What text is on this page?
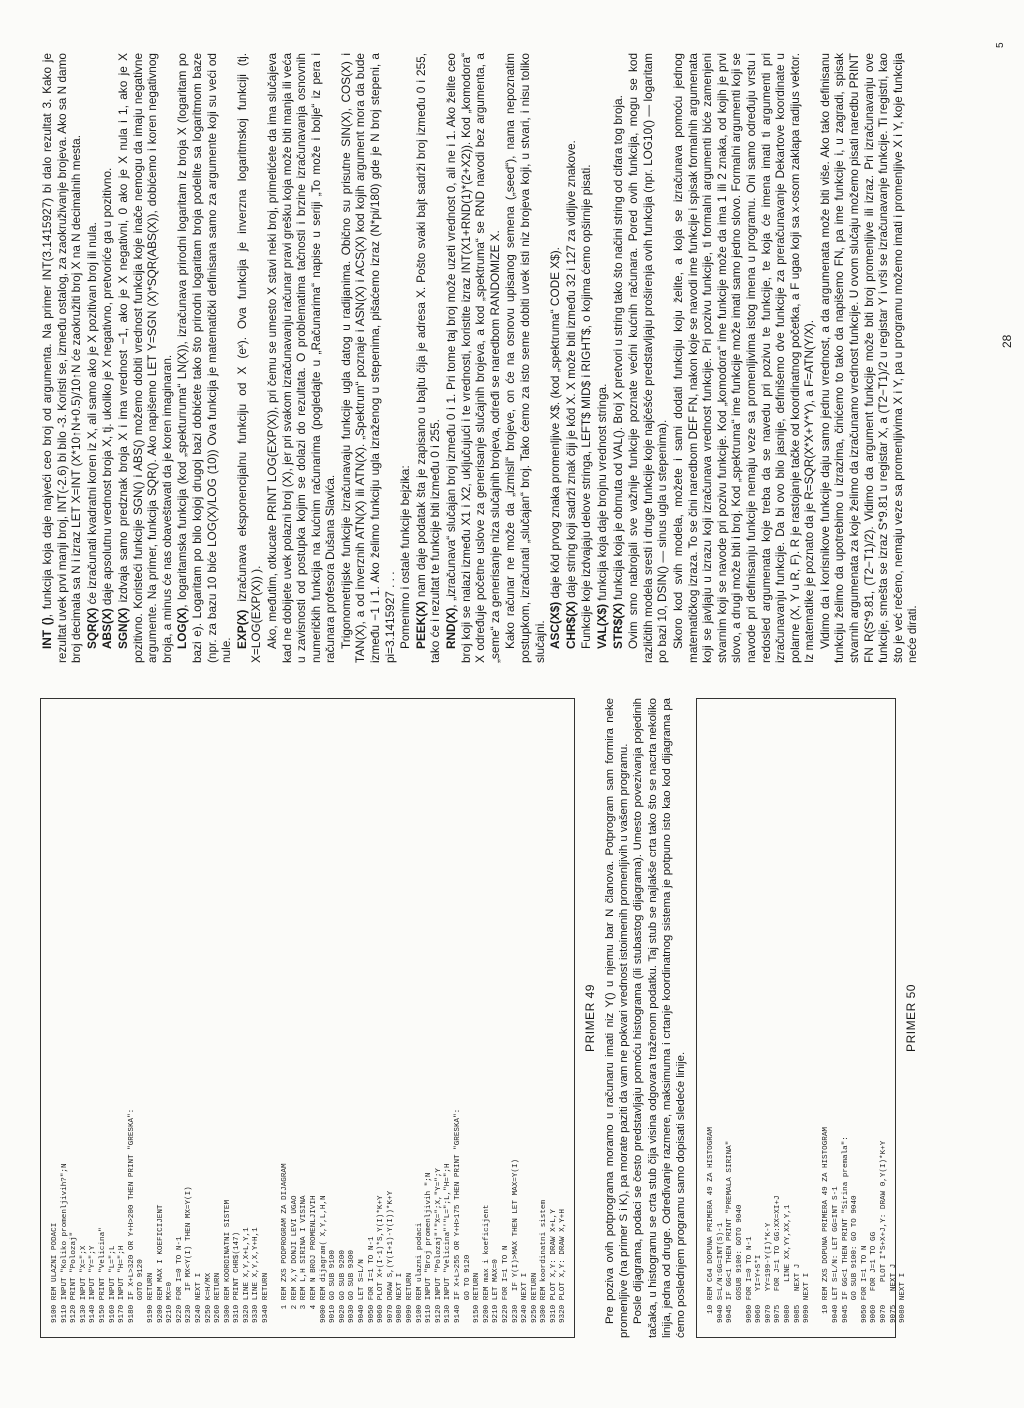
9100 REM ULAZNI PODACI 9110 INPUT "Koliko promenljivih?";N 9120 PRINT "Polozaj" 9130 INPUT "X=";X 9140 INPUT "Y=";Y 9150 PRINT "Velicina" 9160 INPUT "L=";L 9170 INPUT "H=";H 9180 IF X+L>320 OR Y+H>200 THEN PRINT "GRESKA": GOTO 9120 9190 RETURN 9200 REM MAX I KOEFICIJENT 9210 MX=0 9220 FOR I=0 TO N-1 9230   IF MX<Y(I) THEN MX=Y(I) 9240 NEXT I 9250 K=H/MX 9260 RETURN 9300 REM KOORDINATNI SISTEM 9310 PRINT CHR$(147) 9320 LINE X,Y,X+L,Y,1 9330 LINE X,Y,X,Y+H,1 9340 RETURN
1 REM ZXS PODPROGRAM ZA DIJAGRAM 2 REM X,Y DONJI LEVI UGAO 3 REM L,H SIRINA I VISINA 4 REM N BROJ PROMENLJIVIH 9000 REM dijagram( X,Y,L,H,N 9010 GO SUB 9100 9020 GO SUB 9200 9030 GO SUB 9300 9040 LET S=L/N 9050 FOR I=1 TO N-1 9060 PLOT X+(I-1)*S,Y(I)*K+Y 9070 DRAW S,(Y(I+1)-Y(I))*K+Y 9080 NEXT I 9090 RETURN 9100 REM ulazni podaci 9110 INPUT "Broj promenljivih ";N 9120 INPUT "Polozaj"'"X=";X,"Y=";Y 9130 INPUT "Velicina"'"L=";L,"H=";H 9140 IF X+L>255 OR Y+H>175 THEN PRINT "GRESKA": GO TO 9120 9150 RETURN 9200 REM max i koeficijent 9210 LET MAX=0 9220 FOR I=1 TO N 9230   IF Y(I)>MAX THEN LET MAX=Y(I) 9240 NEXT I 9250 RETURN 9300 REM koordinatni sistem 9310 PLOT X,Y: DRAW X+L,Y 9320 PLOT X,Y: DRAW X,Y+H
PRIMER 49 Pre poziva ovih potprograma moramo u računaru imati niz Y() u njemu bar N članova. Potprogram sam formira neke promenljive (na primer S i K), pa morate paziti da vam ne pokvari vrednost istoimenih promenljivih u vašem programu. Posle dijagrama, podaci se često predstavljaju pomoću histograma (ili stubastog dijagrama). Umesto povezivanja pojedinih tačaka, u histogramu se crta stub čija visina odgovara traženom podatku. Taj stub se najlakše crta tako što se nacrta nekoliko linija, jedna od druge. Određivanje razmere, maksimuma i crtanje koordinatnog sistema je potpuno isto kao kod dijagrama pa ćemo poslednjem programu samo dopisati sledeće linije.	10 REM C64 DOPUNA PRIMERA 49 ZA HISTOGRAM 9040 S=L/N:GG=INT(S)-1 9045 IF GG<1 THEN PRINT "PREMALA SIRINA" GOSUB 9100: GOTO 9040 9050 FOR I=0 TO N-1 9060   YI=Y+S*I 9070   YY=199-Y(I)*K-Y 9075   FOR J=1 TO GG:XX=XI+J 9080     LINE XX,YY,XX,Y,1 9085   NEXT J 9090 NEXT I
10 REM ZXS DOPUNA PRIMERA 49 ZA HISTOGRAM 9040 LET S=L/N: LET GG=INT S-1 9045 IF GG<1 THEN PRINT "Sirina premala": GO SUB 9100: GO TO 9040 9050 FOR I=1 TO N 9060   FOR J=1 TO GG 9070     PLOT I*S+X+J,Y: DRAW 0,Y(I)*K+Y 9075   NEXT J 9080 NEXT I
PRIMER 50

INT (), funkcija koja daje najveći ceo broj od argumenta. Na primer INT(3.1415927) bi dalo rezultat 3. Kako je rezultat uvek prvi manji broj, INT(-2.6) bi bilo -3. Koristi se, između ostalog, za zaokruživanje brojeva. Ako sa N damo broj decimala sa N i izraz LET X=INT (X*10↑N+0.5)/10↑N će zaokružiti broj X na N decimalnih mesta. SQR(X) će izračunati kvadratni koren iz X, ali samo ako je X pozitivan broj ili nula.

ABS(X) daje apsolutnu vrednost broja X, tj. ukoliko je X negativno, pretvoriće ga u pozitivno.

SGN(X) izdvaja samo predznak broja X i ima vrednost −1, ako je X negativni, 0 ako je X nula i 1, ako je X pozitivno. Koristeći funkcije SGN() i ABS() možemo dobiti vrednost funkcija koje inače nemogu da imaju negativne argumente. Na primer, funkcija SQR(). Ako napišemo LET Y=SGN (X)*SQR(ABS(X)), dobićemo i koren negativnog broja, a minus će nas obaveštavati da je koren imaginaran. LOG(X), logaritamska funkcija (kod „spekturruma“ LN(X)), izračunava prirodni logaritam iz broja X (logaritam po bazi e). Logaritam po bilo kojoj drugoj bazi dobićete tako što prirodni logaritam broja podelite sa logaritmom baze (npr. za bazu 10 biće LOG(X)/LOG (10)) Ova funkcija je matematički definisana samo za argumente koji su veći od nule.

EXP(X) izračunava eksponencijalnu funkciju od X (eˣ). Ova funkcija je inverzna logaritmskoj funkciji (tj. X=LOG(EXP(X)) ). Ako, međutim, otkucate PRINT LOG(EXP(X)), pri čemu se umesto X stavi neki broj, primetićete da ima slučajeva kad ne dobijete uvek polazni broj (X), jer pri svakom izračunavanju računar pravi grešku koja može biti manja ili veća u zavisnosti od postupka kojim se dolazi do rezultata. O problematima tačnosti i brzine izračunavanja osnovnih numeričkih funkcija na kućnim računarima (pogledajte u „Računarima“ napise u seriji „To može i bolje“ iz pera i računara profesora Dušana Slavića. Trigonometrijske funkcije izračunavaju funkcije ugla datog u radijanima. Obično su prisutne SIN(X), COS(X) i TAN(X), a od inverznih ATN(X) ili ATN(X). „Spektrum“ poznaje i ASN(X) i ACS(X) kod kojih argument mora da bude između −1 i 1. Ako želimo funkciju ugla izraženog u stepenima, pišaćemo izraz (N*pi/180) gde je N broj stepeni, a pi=3.1415927 . . . Pomenimo i ostale funkcije bejzika: PEEK(X) nam daje podatak šta je zapisano u bajtu čija je adresa X. Pošto svaki bajt sadrži broj između 0 i 255, tako će i rezultat te funkcije biti između 0 i 255. RND(X), „izračunava“ slučajan broj između 0 i 1. Pri tome taj broj može uzeti vrednost 0, ali ne i 1. Ako želite ceo broj koji se nalazi između X1 i X2, uključujući i te vrednosti, koristite izraz INT(X1+RND(1)*(2+X2)). Kod „komodora“ X određuje početne uslove za generisanje slučajnih brojeva, a kod „spektruma“ se RND navodi bez argumenta, a „seme“ za generisanje niza slučajnih brojeva, određi se naredbom RANDOMIZE X. Kako računar ne može da „izmisli“ brojeve, on će na osnovu upisanog semena („seed“), nama nepoznatim postupkom, izračunati „slučajan“ broj. Tako ćemo za isto seme dobiti uvek isti niz brojeva koji, u stvari, i nisu toliko slučajni. ASC(X$) daje kôd prvog znaka promenljive X$. (kod „spektruma“ CODE X$).

CHR$(X) daje string koji sadrži znak čiji je kôd X. X može biti između 32 i 127 za vidljive znakove. Funkcije koje izdvajaju delove stringa, LEFT$ MID$ i RIGHT$, o kojima ćemo opširnije pisati. VAL(X$) funkcija koja daje brojnu vrednost stringa.

STR$(X) funkcija koja je obrnuta od VAL(). Broj X pretvori u string tako što načini string od cifara tog broja. Ovim smo nabrojali sve važnije funkcije poznate većini kućnih računara. Pored ovih funkcija, mogu se kod različitih modela sresti i druge funkcije koje najčešće predstavljaju proširenja ovih funkcija (npr. LOG10() — logaritam po bazi 10, DSIN() — sinus ugla u stepenima). Skoro kod svih modela, možete i sami dodati funkciju koju želite, a koja se izračunava pomoću jednog matematičkog izraza. To se čini naredbom DEF FN, nakon koje se navodi ime funkcije i spisak formalnih argumenata koji se javljaju u izrazu koji izračunava vrednost funkcije. Pri pozivu funkcije, ti formalni argumenti biće zamenjeni stvarnim koji se navode pri pozivu funkcije. Kod „komodora“ ime funkcije može da ima 1 ili 2 znaka, od kojih je prvi slovo, a drugi može biti i broj. Kod „spektruma“ ime funkcije može imati samo jedno slovo. Formalni argumenti koji se navode pri definisanju funkcije nemaju veze sa promenljivima istog imena u programu. Oni samo određuju vrstu i redosled argumenata koje treba da se navedu pri pozivu te funkcije, te koja će imena imati ti argumenti pri izračunavanju funkcije. Da bi ovo bilo jasnije, definišemo dve funkcije za preračunavanje Dekartove koordinate u polarne (X, Y u R, F). R je rastojanje tačke od koordinatnog početka, a F ugao koji sa x-osom zaklapa radijus vektor. Iz matematike je poznato da je R=SQR(X*X+Y*Y), a F=ATN(Y/X). Vidimo da i korisnikove funkcije daju samo jednu vrednost, a da argumenata može biti više. Ako tako definisanu funkciju želimo da upotrebimo u izrazima, činićemo to tako da napišemo FN, pa ime funkcije i, u zagradi, spisak stvarnih argumenata za koje želimo da izračunamo vrednost funkcije. U ovom slučaju možemo pisati naredbu PRINT FN R(S*9.81, (T2−T1)/2). Vidimo da argument funkcije može biti broj promenljive ili izraz. Pri izračunavanju ove funkcije, smešta se izraz S*9.81 u registar X, a (T2−T1)/2 u registar Y i vrši se izračunavanje funkcije. Ti registri, kao što je već rečeno, nemaju veze sa promenljivima X i Y, pa u programu možemo imati i promenljive X i Y, koje funkcija neće dirati.

28
5
